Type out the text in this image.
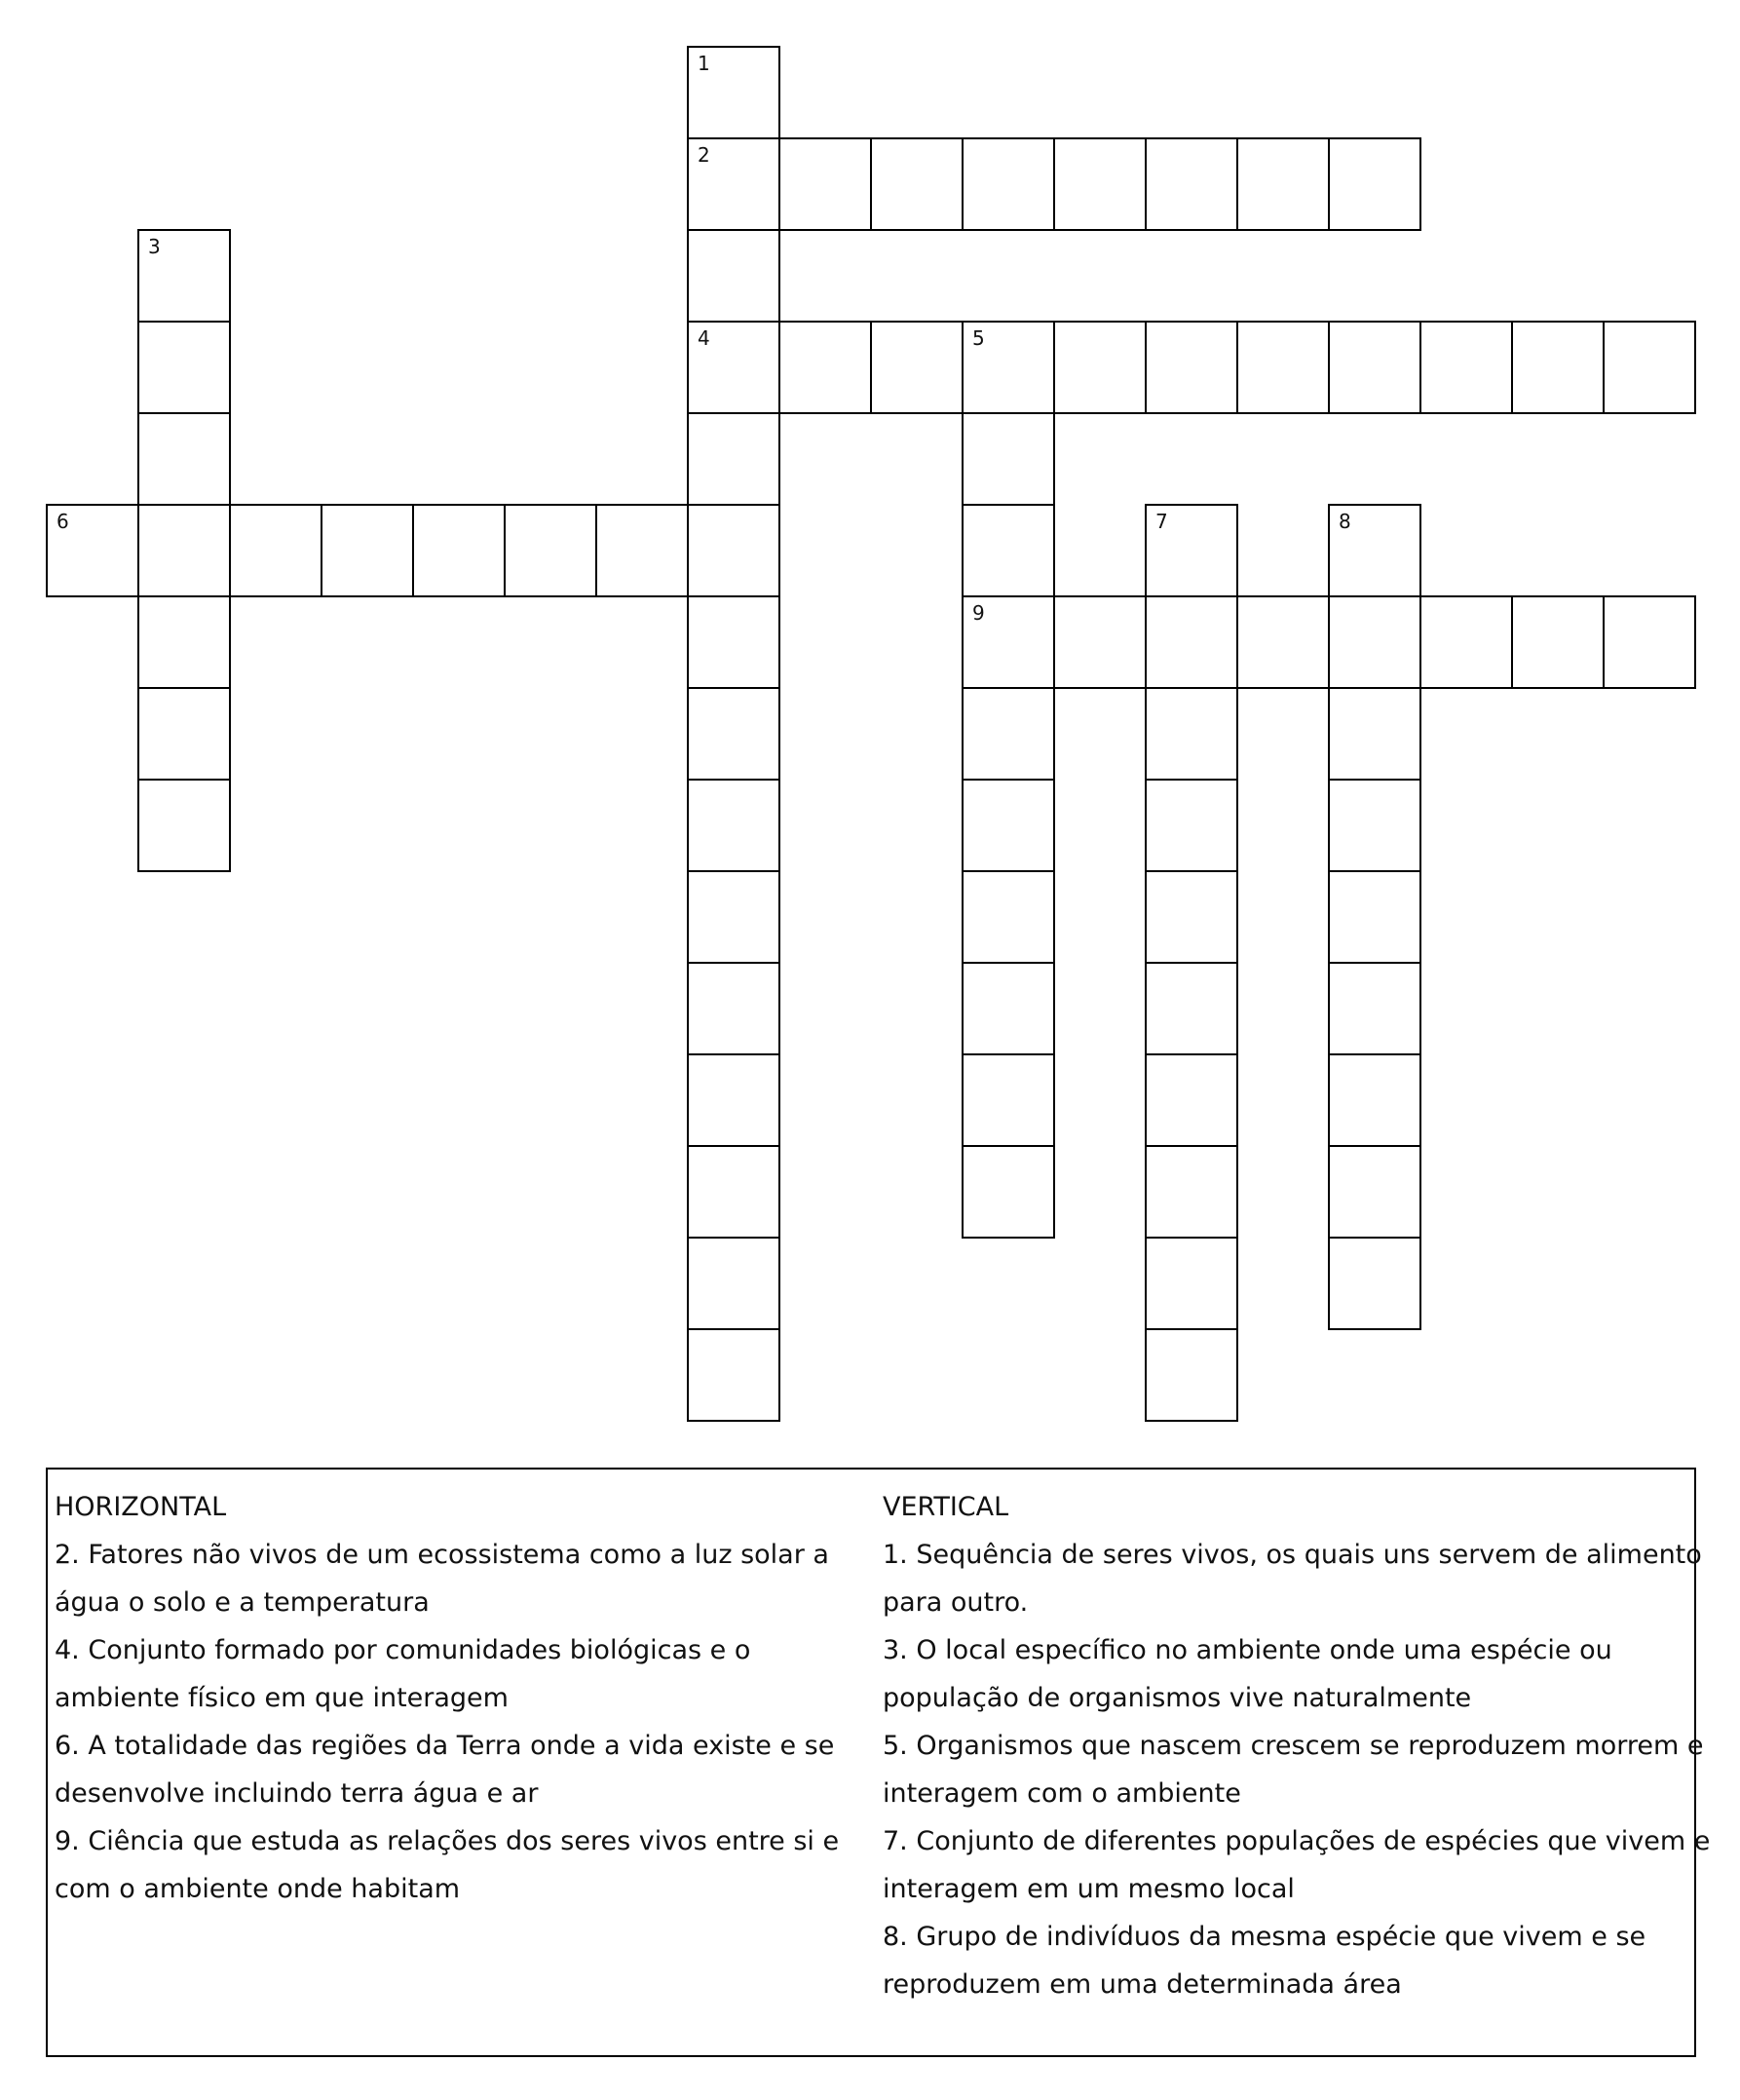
1
2
3
4	5
6	7	8
9
HORIZONTAL
2. Fatores não vivos de um ecossistema como a luz solar a
água o solo e a temperatura
4. Conjunto formado por comunidades biológicas e o
ambiente físico em que interagem
6. A totalidade das regiões da Terra onde a vida existe e se
desenvolve incluindo terra água e ar
9. Ciência que estuda as relações dos seres vivos entre si e
com o ambiente onde habitam
VERTICAL
1. Sequência de seres vivos, os quais uns servem de alimento
para outro.
3. O local específico no ambiente onde uma espécie ou
população de organismos vive naturalmente
5. Organismos que nascem crescem se reproduzem morrem e
interagem com o ambiente
7. Conjunto de diferentes populações de espécies que vivem e
interagem em um mesmo local
8. Grupo de indivíduos da mesma espécie que vivem e se
reproduzem em uma determinada área
